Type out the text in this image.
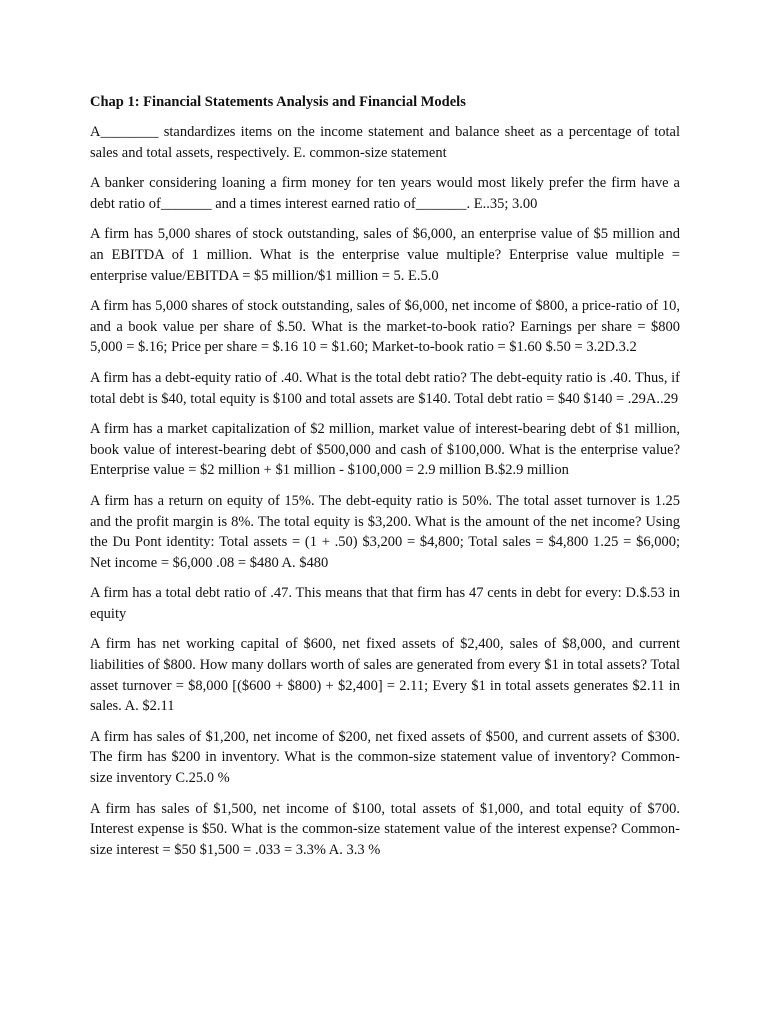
Chap 1: Financial Statements Analysis and Financial Models

A________ standardizes items on the income statement and balance sheet as a percentage of total sales and total assets, respectively. E. common-size statement

A banker considering loaning a firm money for ten years would most likely prefer the firm have a debt ratio of_______ and a times interest earned ratio of_______. E..35; 3.00

A firm has 5,000 shares of stock outstanding, sales of $6,000, an enterprise value of $5 million and an EBITDA of 1 million. What is the enterprise value multiple? Enterprise value multiple = enterprise value/EBITDA = $5 million/$1 million = 5. E.5.0

A firm has 5,000 shares of stock outstanding, sales of $6,000, net income of $800, a price-ratio of 10, and a book value per share of $.50. What is the market-to-book ratio? Earnings per share = $800 5,000 = $.16; Price per share = $.16 10 = $1.60; Market-to-book ratio = $1.60 $.50 = 3.2D.3.2

A firm has a debt-equity ratio of .40. What is the total debt ratio? The debt-equity ratio is .40. Thus, if total debt is $40, total equity is $100 and total assets are $140. Total debt ratio = $40 $140 = .29A..29

A firm has a market capitalization of $2 million, market value of interest-bearing debt of $1 million, book value of interest-bearing debt of $500,000 and cash of $100,000. What is the enterprise value? Enterprise value = $2 million + $1 million - $100,000 = 2.9 million B.$2.9 million

A firm has a return on equity of 15%. The debt-equity ratio is 50%. The total asset turnover is 1.25 and the profit margin is 8%. The total equity is $3,200. What is the amount of the net income? Using the Du Pont identity: Total assets = (1 + .50) $3,200 = $4,800; Total sales = $4,800 1.25 = $6,000; Net income = $6,000 .08 = $480 A. $480

A firm has a total debt ratio of .47. This means that that firm has 47 cents in debt for every: D.$.53 in equity

A firm has net working capital of $600, net fixed assets of $2,400, sales of $8,000, and current liabilities of $800. How many dollars worth of sales are generated from every $1 in total assets? Total asset turnover = $8,000 [($600 + $800) + $2,400] = 2.11; Every $1 in total assets generates $2.11 in sales. A. $2.11

A firm has sales of $1,200, net income of $200, net fixed assets of $500, and current assets of $300. The firm has $200 in inventory. What is the common-size statement value of inventory? Common-size inventory C.25.0 %

A firm has sales of $1,500, net income of $100, total assets of $1,000, and total equity of $700. Interest expense is $50. What is the common-size statement value of the interest expense? Common-size interest = $50 $1,500 = .033 = 3.3% A. 3.3 %
